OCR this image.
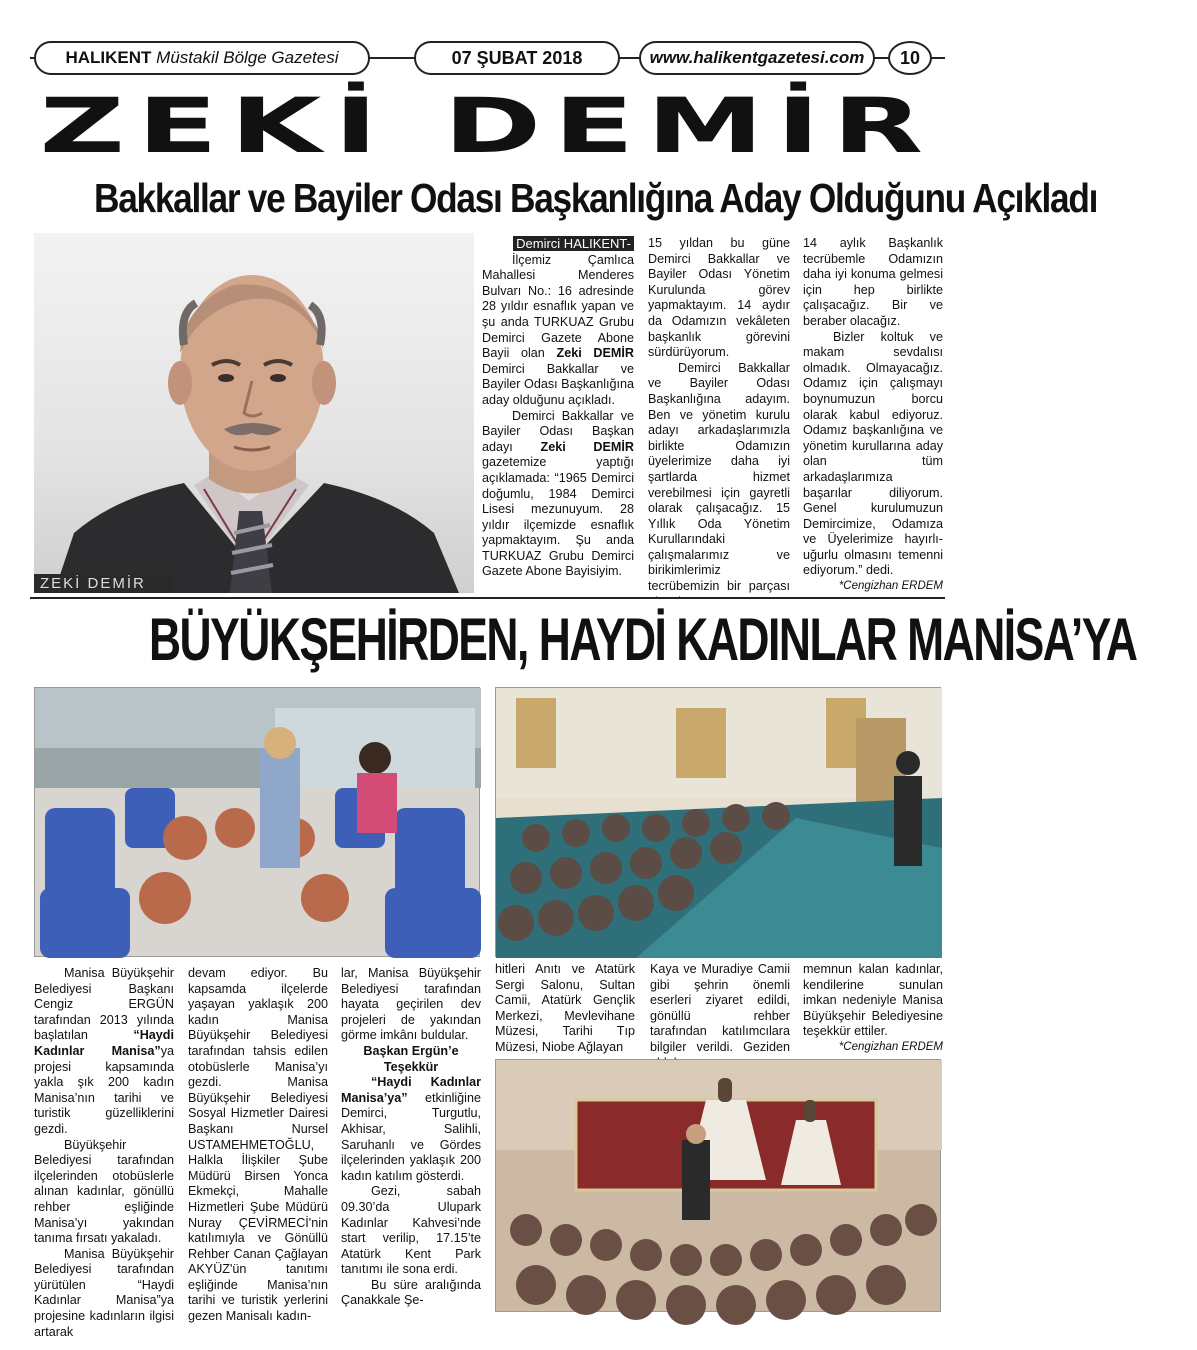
HALIKENT
Müstakil Bölge Gazetesi	07 ŞUBAT 2018	www.halikentgazetesi.com	10
ZEKİ DEMİR
Bakkallar ve Bayiler Odası Başkanlığına Aday Olduğunu Açıkladı
ZEKİ DEMİR

Demirci HALIKENT-

İlçemiz Çamlıca Mahallesi Menderes Bulvarı No.: 16 adresinde 28 yıldır esnaflık yapan ve şu anda TURKUAZ Grubu Demirci Gazete Abone Bayii olan Zeki DEMİR Demirci Bakkallar ve Bayiler Odası Başkanlığına aday olduğunu açıkladı.

Demirci Bakkallar ve Bayiler Odası Başkan adayı Zeki DEMİR gazetemize yaptığı açıklamada: “1965 Demirci doğumlu, 1984 Demirci Lisesi mezunuyum. 28 yıldır ilçemizde esnaflık yapmaktayım. Şu anda TURKUAZ Grubu Demirci Gazete Abone Bayisiyim.

15 yıldan bu güne Demirci Bakkallar ve Bayiler Odası Yönetim Kurulunda görev yapmaktayım. 14 aydır da Odamızın vekâleten başkanlık görevini sürdürüyorum.

Demirci Bakkallar ve Bayiler Odası Başkanlığına adayım. Ben ve yönetim kurulu adayı arkadaşlarımızla birlikte Odamızın üyelerimize daha iyi şartlarda hizmet verebilmesi için gayretli olarak çalışacağız. 15 Yıllık Oda Yönetim Kurullarındaki çalışmalarımız ve birikimlerimiz tecrübemizin bir parçası

14 aylık Başkanlık tecrübemle Odamızın daha iyi konuma gelmesi için hep birlikte çalışacağız. Bir ve beraber olacağız.

Bizler koltuk ve makam sevdalısı olmadık. Olmayacağız. Odamız için çalışmayı boynumuzun borcu olarak kabul ediyoruz. Odamız başkanlığına ve yönetim kurullarına aday olan tüm arkadaşlarımıza başarılar diliyorum. Genel kurulumuzun Demircimize, Odamıza ve Üyelerimize hayırlı-uğurlu olmasını temenni ediyorum.” dedi.

*Cengizhan ERDEM

BÜYÜKŞEHİRDEN, HAYDİ KADINLAR MANİSA’YA

Manisa Büyükşehir Belediyesi Başkanı Cengiz ERGÜN tarafından 2013 yılında başlatılan “Haydi Kadınlar Manisa”ya projesi kapsamında yakla şık 200 kadın Manisa’nın tarihi ve turistik güzelliklerini gezdi.

Büyükşehir Belediyesi tarafından ilçelerinden otobüslerle alınan kadınlar, gönüllü rehber eşliğinde Manisa’yı yakından tanıma fırsatı yakaladı.

Manisa Büyükşehir Belediyesi tarafından yürütülen “Haydi Kadınlar Manisa”ya projesine kadınların ilgisi artarak

devam ediyor. Bu kapsamda ilçelerde yaşayan yaklaşık 200 kadın Manisa Büyükşehir Belediyesi tarafından tahsis edilen otobüslerle Manisa’yı gezdi. Manisa Büyükşehir Belediyesi Sosyal Hizmetler Dairesi Başkanı Nursel USTAMEHMETOĞLU, Halkla İlişkiler Şube Müdürü Birsen Yonca Ekmekçi, Mahalle Hizmetleri Şube Müdürü Nuray ÇEVİRMECİ'nin katılımıyla ve Gönüllü Rehber Canan Çağlayan AKYÜZ'ün tanıtımı eşliğinde Manisa’nın tarihi ve turistik yerlerini gezen Manisalı kadın-

lar, Manisa Büyükşehir Belediyesi tarafından hayata geçirilen dev projeleri de yakından görme imkânı buldular.

Başkan Ergün’e

Teşekkür

“Haydi Kadınlar Manisa’ya” etkinliğine Demirci, Turgutlu, Akhisar, Salihli, Saruhanlı ve Gördes ilçelerinden yaklaşık 200 kadın katılım gösterdi.

Gezi, sabah 09.30’da Ulupark Kadınlar Kahvesi’nde start verilip, 17.15’te Atatürk Kent Park tanıtımı ile sona erdi.

Bu süre aralığında Çanakkale Şe-

hitleri Anıtı ve Atatürk Sergi Salonu, Sultan Camii, Atatürk Gençlik Merkezi, Mevlevihane Müzesi, Tarihi Tıp Müzesi, Niobe Ağlayan

Kaya ve Muradiye Camii gibi şehrin önemli eserleri ziyaret edildi, gönüllü rehber tarafından katılımcılara bilgiler verildi. Geziden

memnun kalan kadınlar, kendilerine sunulan imkan nedeniyle Manisa Büyükşehir Belediyesine teşekkür ettiler.

*Cengizhan ERDEM
